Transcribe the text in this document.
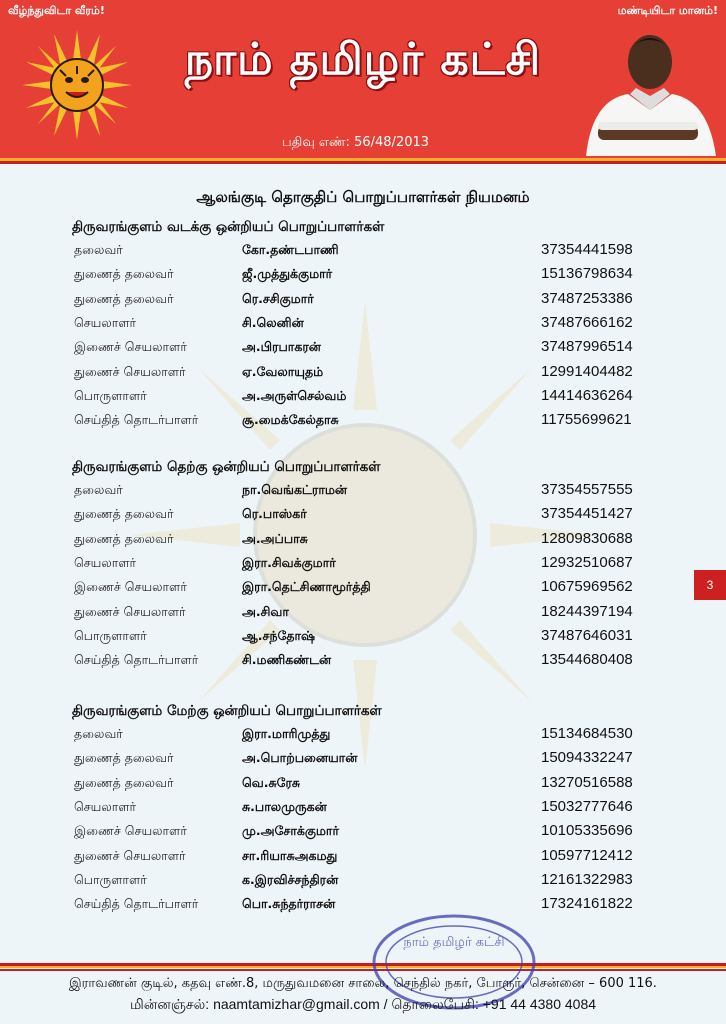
வீழ்ந்துவிடா வீரம்!	மண்டியிடா மானம்!
நாம் தமிழர் கட்சி
பதிவு எண்: 56/48/2013
ஆலங்குடி தொகுதிப் பொறுப்பாளர்கள் நியமனம்
திருவரங்குளம் வடக்கு ஒன்றியப் பொறுப்பாளர்கள்
தலைவர்	கோ.தண்டபாணி	37354441598
துணைத் தலைவர்	ஜீ.முத்துக்குமார்	15136798634
துணைத் தலைவர்	ரெ.சசிகுமார்	37487253386
செயலாளர்	சி.லெனின்	37487666162
இணைச் செயலாளர்	அ.பிரபாகரன்	37487996514
துணைச் செயலாளர்	ஏ.வேலாயுதம்	12991404482
பொருளாளர்	அ.அருள்செல்வம்	14414636264
செய்தித் தொடர்பாளர்	சூ.மைக்கேல்தாசு	11755699621
திருவரங்குளம் தெற்கு ஒன்றியப் பொறுப்பாளர்கள்
தலைவர்	நா.வெங்கட்ராமன்	37354557555
துணைத் தலைவர்	ரெ.பாஸ்கர்	37354451427
துணைத் தலைவர்	அ.அப்பாசு	12809830688
செயலாளர்	இரா.சிவக்குமார்	12932510687
இணைச் செயலாளர்	இரா.தெட்சிணாமூர்த்தி	10675969562
துணைச் செயலாளர்	அ.சிவா	18244397194
பொருளாளர்	ஆ.சந்தோஷ்	37487646031
செய்தித் தொடர்பாளர்	சி.மணிகண்டன்	13544680408
திருவரங்குளம் மேற்கு ஒன்றியப் பொறுப்பாளர்கள்
தலைவர்	இரா.மாரிமுத்து	15134684530
துணைத் தலைவர்	அ.பொற்பனையான்	15094332247
துணைத் தலைவர்	வெ.சுரேசு	13270516588
செயலாளர்	சு.பாலமுருகன்	15032777646
இணைச் செயலாளர்	மு.அசோக்குமார்	10105335696
துணைச் செயலாளர்	சா.ரியாசுஅகமது	10597712412
பொருளாளர்	க.இரவிச்சந்திரன்	12161322983
செய்தித் தொடர்பாளர்	பொ.சுந்தர்ராசன்	17324161822
3
நாம் தமிழர் கட்சி
இராவணன் குடில், கதவு எண்.8, மருதுவமனை சாலை, செந்தில் நகர், போரூர், சென்னை – 600 116.
மின்னஞ்சல்: naamtamizhar@gmail.com / தொலைபேசி: +91 44 4380 4084
